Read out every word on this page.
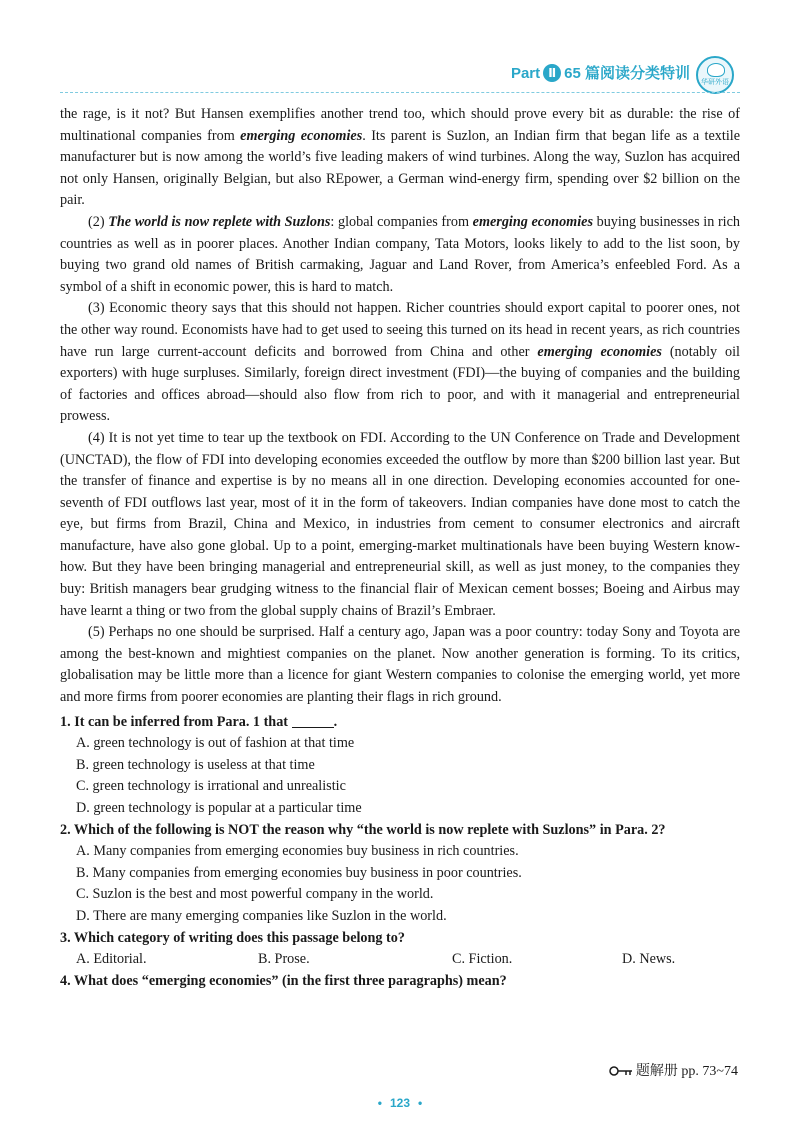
Part Ⅱ 65 篇阅读分类特训	华研外语

the rage, is it not? But Hansen exemplifies another trend too, which should prove every bit as durable: the rise of multinational companies from emerging economies. Its parent is Suzlon, an Indian firm that began life as a textile manufacturer but is now among the world’s five leading makers of wind turbines. Along the way, Suzlon has acquired not only Hansen, originally Belgian, but also REpower, a German wind-energy firm, spending over $2 billion on the pair.

(2) The world is now replete with Suzlons: global companies from emerging economies buying businesses in rich countries as well as in poorer places. Another Indian company, Tata Motors, looks likely to add to the list soon, by buying two grand old names of British carmaking, Jaguar and Land Rover, from America’s enfeebled Ford. As a symbol of a shift in economic power, this is hard to match.

(3) Economic theory says that this should not happen. Richer countries should export capital to poorer ones, not the other way round. Economists have had to get used to seeing this turned on its head in recent years, as rich countries have run large current-account deficits and borrowed from China and other emerging economies (notably oil exporters) with huge surpluses. Similarly, foreign direct investment (FDI)—the buying of companies and the building of factories and offices abroad—should also flow from rich to poor, and with it managerial and entrepreneurial prowess.

(4) It is not yet time to tear up the textbook on FDI. According to the UN Conference on Trade and Development (UNCTAD), the flow of FDI into developing economies exceeded the outflow by more than $200 billion last year. But the transfer of finance and expertise is by no means all in one direction. Developing economies accounted for one-seventh of FDI outflows last year, most of it in the form of takeovers. Indian companies have done most to catch the eye, but firms from Brazil, China and Mexico, in industries from cement to consumer electronics and aircraft manufacture, have also gone global. Up to a point, emerging-market multinationals have been buying Western know-how. But they have been bringing managerial and entrepreneurial skill, as well as just money, to the companies they buy: British managers bear grudging witness to the financial flair of Mexican cement bosses; Boeing and Airbus may have learnt a thing or two from the global supply chains of Brazil’s Embraer.

(5) Perhaps no one should be surprised. Half a century ago, Japan was a poor country: today Sony and Toyota are among the best-known and mightiest companies on the planet. Now another generation is forming. To its critics, globalisation may be little more than a licence for giant Western companies to colonise the emerging world, yet more and more firms from poorer economies are planting their flags in rich ground.

1. It can be inferred from Para. 1 that	.

A. green technology is out of fashion at that time

B. green technology is useless at that time

C. green technology is irrational and unrealistic

D. green technology is popular at a particular time

2. Which of the following is NOT the reason why “the world is now replete with Suzlons” in Para. 2?

A. Many companies from emerging economies buy business in rich countries.

B. Many companies from emerging economies buy business in poor countries.

C. Suzlon is the best and most powerful company in the world.

D. There are many emerging companies like Suzlon in the world.

3. Which category of writing does this passage belong to?

A. Editorial.	B. Prose.	C. Fiction.	D. News.

4. What does “emerging economies” (in the first three paragraphs) mean?

题解册 pp. 73~74
• 123 •
